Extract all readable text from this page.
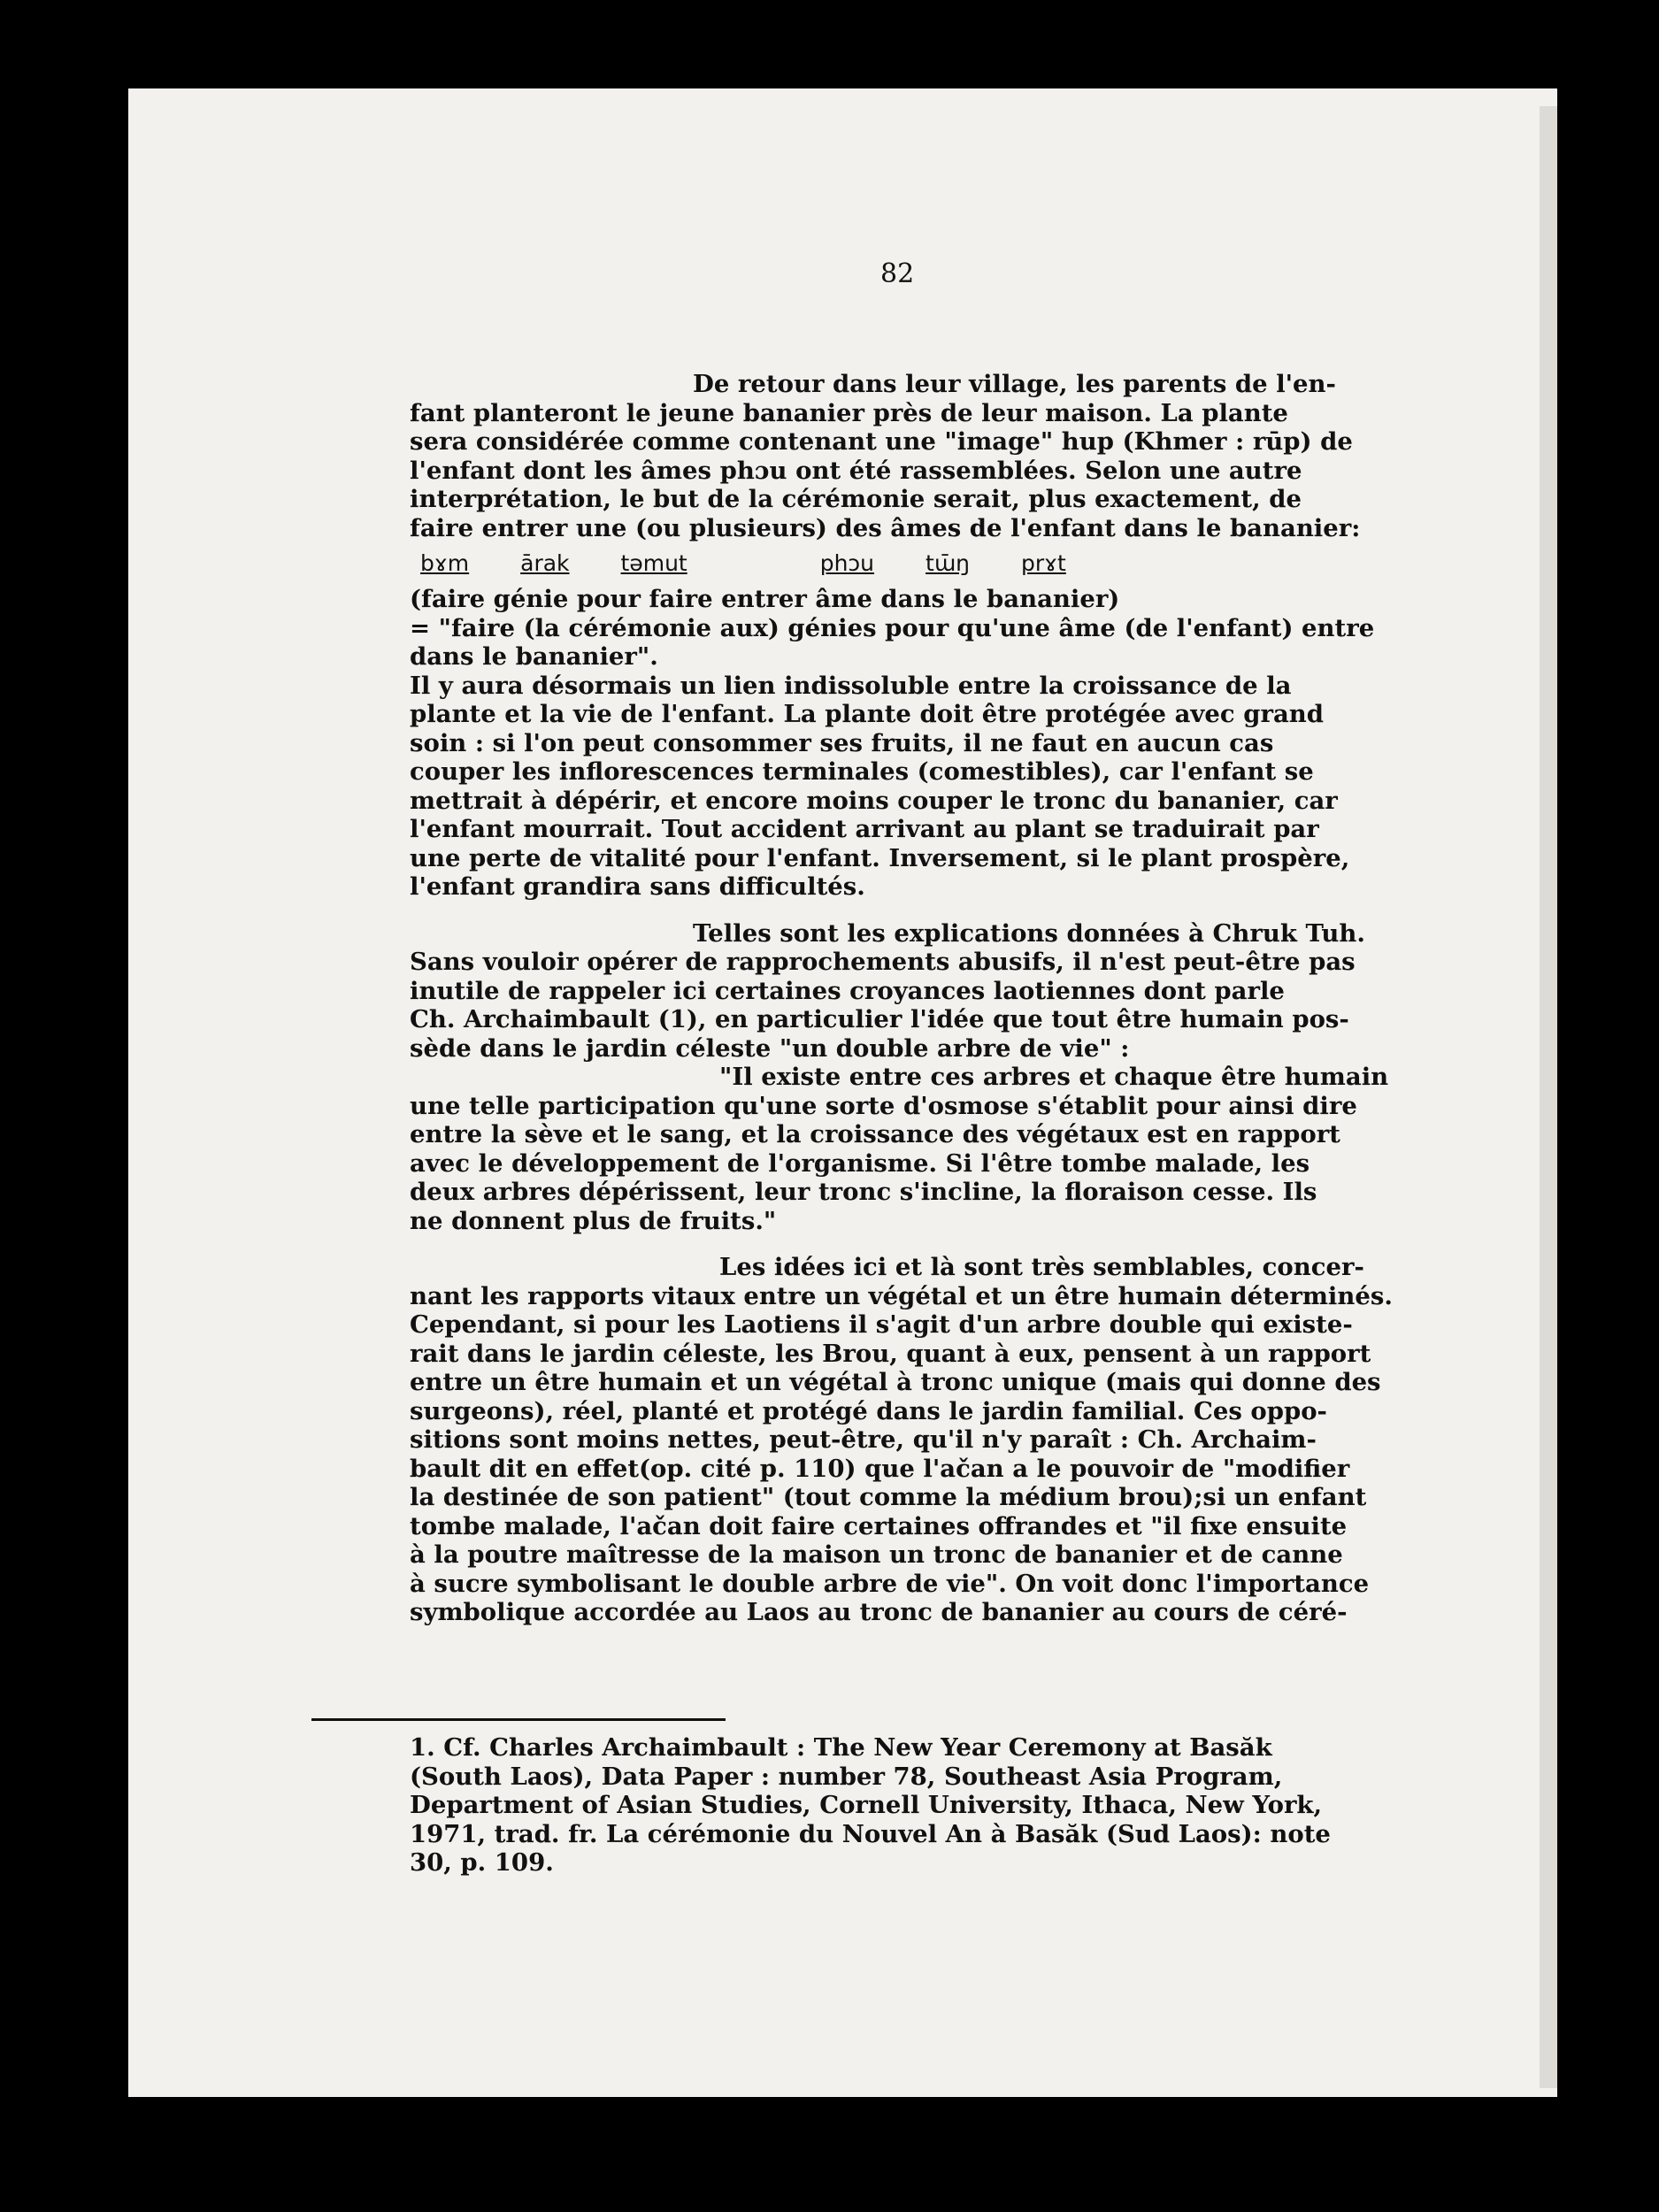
82
De retour dans leur village, les parents de l'en-
fant planteront le jeune bananier près de leur maison. La plante
sera considérée comme contenant une "image" hup (Khmer : rūp) de
l'enfant dont les âmes phɔu ont été rassemblées. Selon une autre
interprétation, le but de la cérémonie serait, plus exactement, de
faire entrer une (ou plusieurs) des âmes de l'enfant dans le bananier:
bɤm ārak təmut	phɔu tɯ̄ŋ prɤt
(faire génie pour faire entrer âme dans le bananier)
= "faire (la cérémonie aux) génies pour qu'une âme (de l'enfant) entre
dans le bananier".
Il y aura désormais un lien indissoluble entre la croissance de la
plante et la vie de l'enfant. La plante doit être protégée avec grand
soin : si l'on peut consommer ses fruits, il ne faut en aucun cas
couper les inflorescences terminales (comestibles), car l'enfant se
mettrait à dépérir, et encore moins couper le tronc du bananier, car
l'enfant mourrait. Tout accident arrivant au plant se traduirait par
une perte de vitalité pour l'enfant. Inversement, si le plant prospère,
l'enfant grandira sans difficultés.
Telles sont les explications données à Chruk Tuh.
Sans vouloir opérer de rapprochements abusifs, il n'est peut-être pas
inutile de rappeler ici certaines croyances laotiennes dont parle
Ch. Archaimbault (1), en particulier l'idée que tout être humain pos-
sède dans le jardin céleste "un double arbre de vie" :
"Il existe entre ces arbres et chaque être humain
une telle participation qu'une sorte d'osmose s'établit pour ainsi dire
entre la sève et le sang, et la croissance des végétaux est en rapport
avec le développement de l'organisme. Si l'être tombe malade, les
deux arbres dépérissent, leur tronc s'incline, la floraison cesse. Ils
ne donnent plus de fruits."
Les idées ici et là sont très semblables, concer-
nant les rapports vitaux entre un végétal et un être humain déterminés.
Cependant, si pour les Laotiens il s'agit d'un arbre double qui existe-
rait dans le jardin céleste, les Brou, quant à eux, pensent à un rapport
entre un être humain et un végétal à tronc unique (mais qui donne des
surgeons), réel, planté et protégé dans le jardin familial. Ces oppo-
sitions sont moins nettes, peut-être, qu'il n'y paraît : Ch. Archaim-
bault dit en effet(op. cité p. 110) que l'ačan a le pouvoir de "modifier
la destinée de son patient" (tout comme la médium brou);si un enfant
tombe malade, l'ačan doit faire certaines offrandes et "il fixe ensuite
à la poutre maîtresse de la maison un tronc de bananier et de canne
à sucre symbolisant le double arbre de vie". On voit donc l'importance
symbolique accordée au Laos au tronc de bananier au cours de céré-
1. Cf. Charles Archaimbault : The New Year Ceremony at Basăk
(South Laos), Data Paper : number 78, Southeast Asia Program,
Department of Asian Studies, Cornell University, Ithaca, New York,
1971, trad. fr. La cérémonie du Nouvel An à Basăk (Sud Laos): note
30, p. 109.
